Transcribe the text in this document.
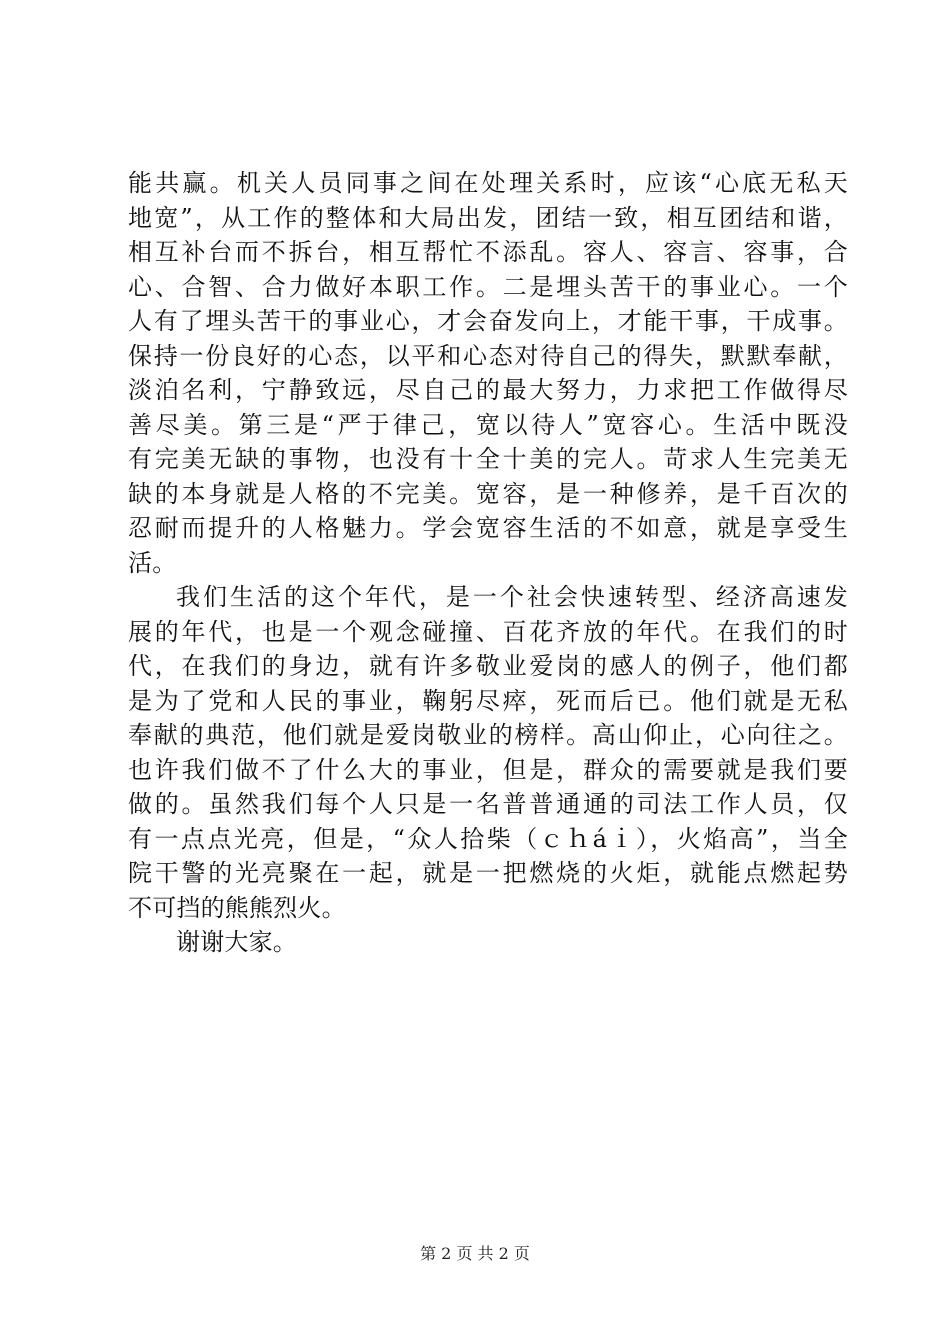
能共赢。机关人员同事之间在处理关系时，应该“心底无私天
地宽”，从工作的整体和大局出发，团结一致，相互团结和谐，
相互补台而不拆台，相互帮忙不添乱。容人、容言、容事，合
心、合智、合力做好本职工作。二是埋头苦干的事业心。一个
人有了埋头苦干的事业心，才会奋发向上，才能干事，干成事。
保持一份良好的心态，以平和心态对待自己的得失，默默奉献，
淡泊名利，宁静致远，尽自己的最大努力，力求把工作做得尽
善尽美。第三是“严于律己，宽以待人”宽容心。生活中既没
有完美无缺的事物，也没有十全十美的完人。苛求人生完美无
缺的本身就是人格的不完美。宽容，是一种修养，是千百次的
忍耐而提升的人格魅力。学会宽容生活的不如意，就是享受生
活。
我们生活的这个年代，是一个社会快速转型、经济高速发
展的年代，也是一个观念碰撞、百花齐放的年代。在我们的时
代，在我们的身边，就有许多敬业爱岗的感人的例子，他们都
是为了党和人民的事业，鞠躬尽瘁，死而后已。他们就是无私
奉献的典范，他们就是爱岗敬业的榜样。高山仰止，心向往之。
也许我们做不了什么大的事业，但是，群众的需要就是我们要
做的。虽然我们每个人只是一名普普通通的司法工作人员，仅
有一点点光亮，但是，“众人拾柴（ｃｈáｉ），火焰高”，当全
院干警的光亮聚在一起，就是一把燃烧的火炬，就能点燃起势
不可挡的熊熊烈火。
谢谢大家。
第 2 页 共 2 页
